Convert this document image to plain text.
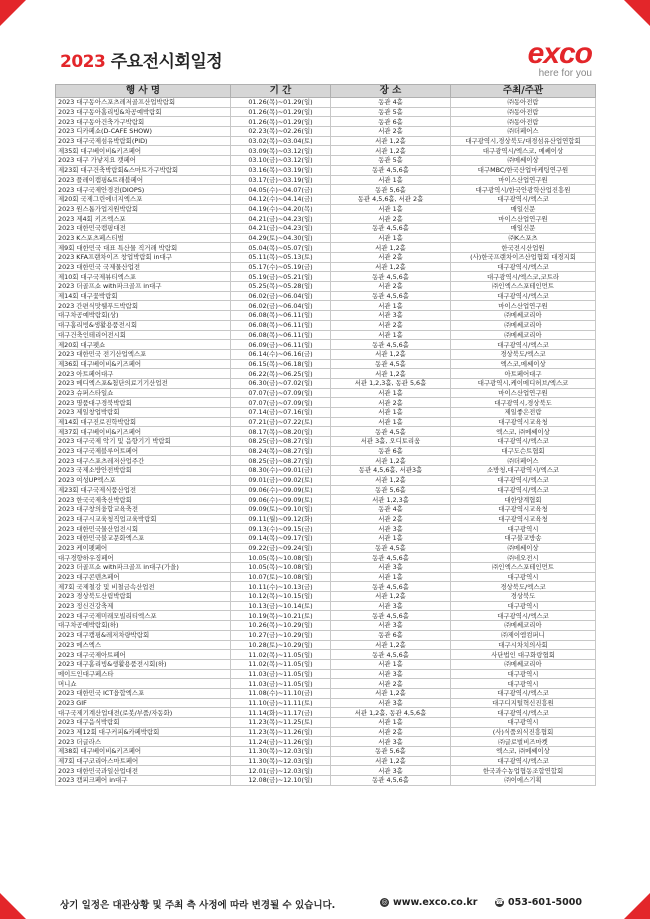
2023 주요전시회일정	exco
here for you
행 사 명	기 간	장 소	주최/주관
2023 대구동아스포츠레저골프산업박람회	01.26(목)~01.29(일)	동관 4홀	㈜동아전람
2023 대구동아홈리빙&차공예박람회	01.26(목)~01.29(일)	동관 5홀	㈜동아전람
2023 대구동아건축가구박람회	01.26(목)~01.29(일)	동관 6홀	㈜동아전람
2023 디카페쇼(D-CAFE SHOW)	02.23(목)~02.26(일)	서관 2홀	㈜더페어스
2023 대구국제섬유박람회(PID)	03.02(목)~03.04(토)	서관 1,2홀	대구광역시,경상북도/대경섬유산업연합회
제35회 대구베이비&키즈페어	03.09(목)~03.12(일)	서관 1,2홀	대구광역시/엑스코, 메쎄이상
2023 대구 가낳지요 캣페어	03.10(금)~03.12(일)	동관 5홀	㈜메쎄이상
제23회 대구건축박람회&스마트가구박람회	03.16(목)~03.19(일)	동관 4,5,6홀	대구MBC/한국산업마케팅연구원
2023 플레이캠핑&트래블페어	03.17(금)~03.19(일)	서관 1홀	마이스산업연구원
2023 대구국제안경전(DIOPS)	04.05(수)~04.07(금)	동관 5,6홀	대구광역시/한국안광학산업진흥원
제20회 국제그린에너지엑스포	04.12(수)~04.14(금)	동관 4,5,6홀, 서관 2홀	대구광역시/엑스코
2023 원스톱가업지원박람회	04.19(수)~04.20(목)	서관 1홀	매일신문
2023 제4회 키즈엑스포	04.21(금)~04.23(일)	서관 2홀	마이스산업연구원
2023 대한민국캠핑대전	04.21(금)~04.23(일)	동관 4,5,6홀	매일신문
2023 K스포츠페스티벌	04.29(토)~04.30(일)	서관 1홀	㈜K스포츠
제9회 대한민국 대표 특산물 직거래 박람회	05.04(목)~05.07(일)	서관 1,2홀	한국전시산업원
2023 KFA프랜차이즈 창업박람회 in대구	05.11(목)~05.13(토)	서관 2홀	(사)한국프랜차이즈산업협회 대경지회
2023 대한민국 국제물산업전	05.17(수)~05.19(금)	서관 1,2홀	대구광역시/엑스코
제10회 대구국제뷰티엑스포	05.19(금)~05.21(일)	동관 4,5,6홀	대구광역시/엑스코,코트라
2023 더골프쇼 with파크골프 in대구	05.25(목)~05.28(일)	서관 2홀	㈜인엑스스포테인먼트
제14회 대구꽃박람회	06.02(금)~06.04(일)	동관 4,5,6홀	대구광역시/엑스코
2023 간편식맛웰푸드박람회	06.02(금)~06.04(일)	서관 1홀	마이스산업연구원
대구차공예박람회(상)	06.08(목)~06.11(일)	서관 3홀	㈜메쎄코리아
대구홈리빙&생활용품전시회	06.08(목)~06.11(일)	서관 2홀	㈜메쎄코리아
대구건축인테리어전시회	06.08(목)~06.11(일)	서관 1홀	㈜메쎄코리아
제20회 대구펫쇼	06.09(금)~06.11(일)	동관 4,5,6홀	대구광역시/엑스코
2023 대한민국 전기산업엑스포	06.14(수)~06.16(금)	서관 1,2홀	경상북도/엑스코
제36회 대구베이비&키즈페어	06.15(목)~06.18(일)	동관 4,5홀	엑스코,메쎄이상
2023 아트페어대구	06.22(목)~06.25(일)	서관 1,2홀	아트페어대구
2023 메디엑스포&첨단의료기기산업전	06.30(금)~07.02(일)	서관 1,2,3홀, 동관 5,6홀	대구광역시,케이메디허브/엑스코
2023 슈퍼스타일쇼	07.07(금)~07.09(일)	서관 1홀	마이스산업연구원
2023 명품대구경북박람회	07.07(금)~07.09(일)	서관 2홀	대구광역시,경상북도
2023 제일창업박람회	07.14(금)~07.16(일)	서관 1홀	제일좋은전람
제14회 대구진로진학박람회	07.21(금)~07.22(토)	서관 1홀	대구광역시교육청
제37회 대구베이비&키즈페어	08.17(목)~08.20(일)	동관 4,5홀	엑스코, ㈜메쎄이상
2023 대구국제 악기 및 음향기기 박람회	08.25(금)~08.27(일)	서관 3홀, 오디토리움	대구광역시/엑스코
2023 대구국제블루어트페어	08.24(목)~08.27(일)	동관 6홀	대구도슨트협회
2023 대구스포츠레저산업주간	08.25(금)~08.27(일)	서관 1,2홀	㈜더페어스
2023 국제소방안전박람회	08.30(수)~09.01(금)	동관 4,5,6홀, 서관3홀	소방청,대구광역시/엑스코
2023 여성UP엑스포	09.01(금)~09.02(토)	서관 1,2홀	대구광역시/엑스코
제23회 대구국제식품산업전	09.06(수)~09.09(토)	동관 5,6홀	대구광역시/엑스코
2023 한국국제축산박람회	09.06(수)~09.09(토)	서관 1,2,3홀	대한양계협회
2023 대구창의융합교육축전	09.09(토)~09.10(일)	동관 4홀	대구광역시교육청
2023 대구시교육청직업교육박람회	09.11(월)~09.12(화)	서관 2홀	대구광역시교육청
2023 대한민국물산업전시회	09.13(수)~09.15(금)	서관 3홀	대구광역시
2023 대한민국불교문화엑스포	09.14(목)~09.17(일)	서관 1홀	대구불교방송
2023 케이펫페어	09.22(금)~09.24(일)	동관 4,5홀	㈜메쎄이상
대구경향하우징페어	10.05(목)~10.08(일)	동관 4,5,6홀	㈜네오전시
2023 더골프쇼 with파크골프 in대구(가을)	10.05(목)~10.08(일)	서관 3홀	㈜인엑스스포테인먼트
2023 대구콘텐츠페어	10.07(토)~10.08(일)	서관 1홀	대구광역시
제7회 국제철강 및 비철금속산업전	10.11(수)~10.13(금)	동관 4,5,6홀	경상북도/엑스코
2023 경상북도산림박람회	10.12(목)~10.15(일)	서관 1,2홀	경상북도
2023 정신건강축제	10.13(금)~10.14(토)	서관 3홀	대구광역시
2023 대구국제미래모빌리티엑스포	10.19(목)~10.21(토)	동관 4,5,6홀	대구광역시/엑스코
대구차공예박람회(하)	10.26(목)~10.29(일)	서관 3홀	㈜메쎄코리아
2023 대구캠핑&레저차량박람회	10.27(금)~10.29(일)	동관 6홀	㈜제이엠컴퍼니
2023 메스엑스	10.28(토)~10.29(일)	서관 1,2홀	대구시차치의사회
2023 대구국제아트페어	11.02(목)~11.05(일)	동관 4,5,6홀	사단법인 대구화랑협회
2023 대구홈리빙&생활용품전시회(하)	11.02(목)~11.05(일)	서관 1홀	㈜메쎄코리아
메이드인대구페스타	11.03(금)~11.05(일)	서관 3홀	대구광역시
머니쇼	11.03(금)~11.05(일)	서관 2홀	대구광역시
2023 대한민국 ICT융합엑스포	11.08(수)~11.10(금)	서관 1,2홀	대구광역시/엑스코
2023 GIF	11.10(금)~11.11(토)	서관 3홀	대구디지털혁신진흥원
대구국제기계산업대전(로봇/부품/자동화)	11.14(화)~11.17(금)	서관 1,2홀, 동관 4,5,6홀	대구광역시/엑스코
2023 대구음식박람회	11.23(목)~11.25(토)	서관 1홀	대구광역시
2023 제12회 대구커피&카페박람회	11.23(목)~11.26(일)	서관 2홀	(사)식품외식진흥협회
2023 더글라스	11.24(금)~11.26(일)	서관 3홀	㈜글로벌비즈마켓
제38회 대구베이비&키즈페어	11.30(목)~12.03(일)	동관 5,6홀	엑스코, ㈜메쎄이상
제7회 대구코리아스마트페어	11.30(목)~12.03(일)	서관 1,2홀	대구광역시/엑스코
2023 대한민국과일산업대전	12.01(금)~12.03(일)	서관 3홀	한국과수농업협동조합연합회
2023 캠피크페어 in대구	12.08(금)~12.10(일)	동관 4,5,6홀	㈜이에스기획
상기 일정은 대관상황 및 주최 측 사정에 따라 변경될 수 있습니다.	◎ www.exco.co.kr	☎ 053-601-5000
